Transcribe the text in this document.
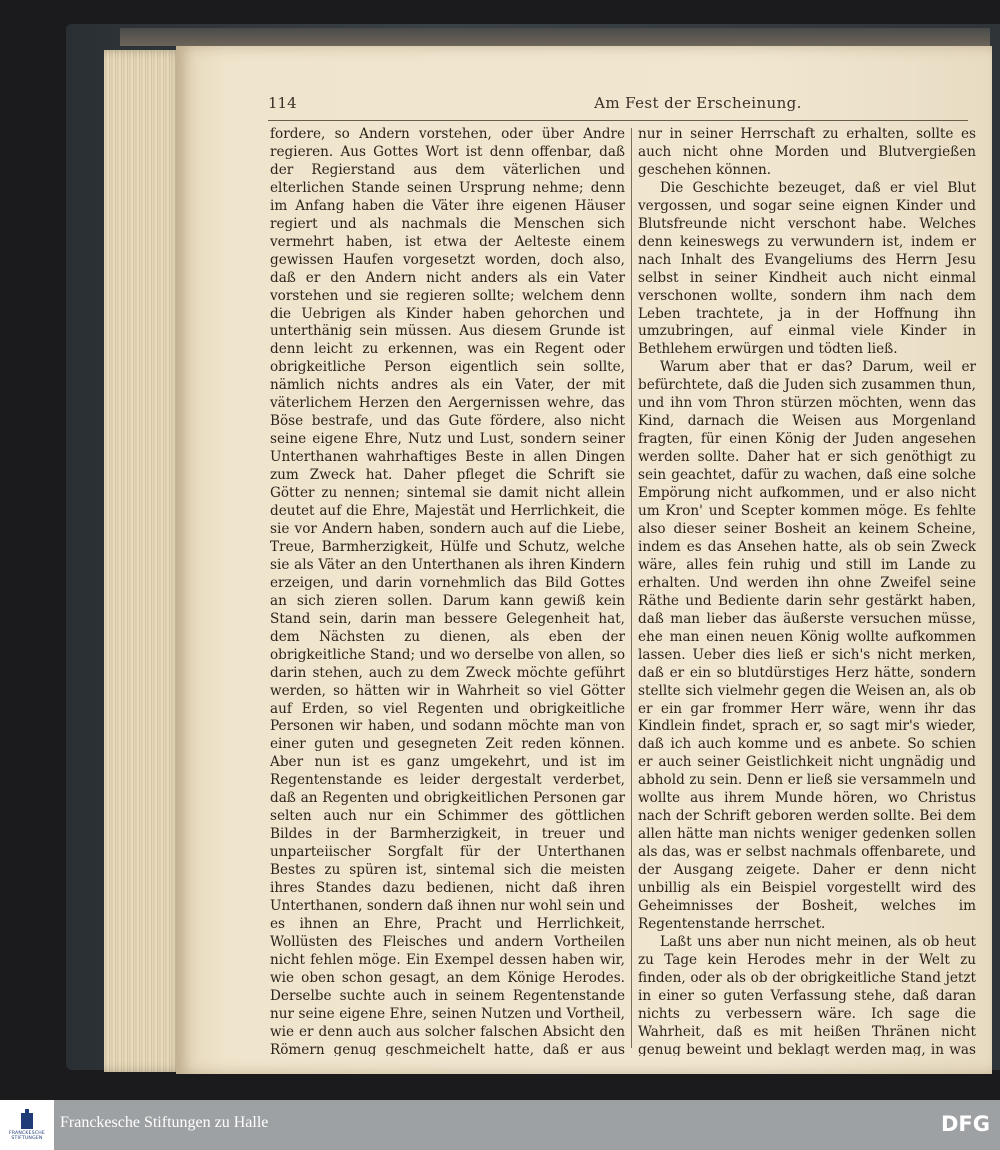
114	Am Fest der Erscheinung.

fordere, so Andern vorstehen, oder über Andre regieren. Aus Gottes Wort ist denn offenbar, daß der Regierstand aus dem väterlichen und elterlichen Stande seinen Ursprung nehme; denn im Anfang haben die Väter ihre eigenen Häuser regiert und als nachmals die Menschen sich vermehrt haben, ist etwa der Aelteste einem gewissen Haufen vorgesetzt worden, doch also, daß er den Andern nicht anders als ein Vater vorstehen und sie regieren sollte; welchem denn die Uebrigen als Kinder haben gehorchen und unterthänig sein müssen. Aus diesem Grunde ist denn leicht zu erkennen, was ein Regent oder obrigkeitliche Person eigentlich sein sollte, nämlich nichts andres als ein Vater, der mit väterlichem Herzen den Aergernissen wehre, das Böse bestrafe, und das Gute fördere, also nicht seine eigene Ehre, Nutz und Lust, sondern seiner Unterthanen wahrhaftiges Beste in allen Dingen zum Zweck hat. Daher pfleget die Schrift sie Götter zu nennen; sintemal sie damit nicht allein deutet auf die Ehre, Majestät und Herrlichkeit, die sie vor Andern haben, sondern auch auf die Liebe, Treue, Barmherzigkeit, Hülfe und Schutz, welche sie als Väter an den Unterthanen als ihren Kindern erzeigen, und darin vornehmlich das Bild Gottes an sich zieren sollen. Darum kann gewiß kein Stand sein, darin man bessere Gelegenheit hat, dem Nächsten zu dienen, als eben der obrigkeitliche Stand; und wo derselbe von allen, so darin stehen, auch zu dem Zweck möchte geführt werden, so hätten wir in Wahrheit so viel Götter auf Erden, so viel Regenten und obrigkeitliche Personen wir haben, und sodann möchte man von einer guten und gesegneten Zeit reden können. Aber nun ist es ganz umgekehrt, und ist im Regentenstande es leider dergestalt verderbet, daß an Regenten und obrigkeitlichen Personen gar selten auch nur ein Schimmer des göttlichen Bildes in der Barmherzigkeit, in treuer und unparteiischer Sorgfalt für der Unterthanen Bestes zu spüren ist, sintemal sich die meisten ihres Standes dazu bedienen, nicht daß ihren Unterthanen, sondern daß ihnen nur wohl sein und es ihnen an Ehre, Pracht und Herrlichkeit, Wollüsten des Fleisches und andern Vortheilen nicht fehlen möge. Ein Exempel dessen haben wir, wie oben schon gesagt, an dem Könige Herodes. Derselbe suchte auch in seinem Regentenstande nur seine eigene Ehre, seinen Nutzen und Vortheil, wie er denn auch aus solcher falschen Absicht den Römern genug geschmeichelt hatte, daß er aus

nur in seiner Herrschaft zu erhalten, sollte es auch nicht ohne Morden und Blutvergießen geschehen können.

Die Geschichte bezeuget, daß er viel Blut vergossen, und sogar seine eignen Kinder und Blutsfreunde nicht verschont habe. Welches denn keineswegs zu verwundern ist, indem er nach Inhalt des Evangeliums des Herrn Jesu selbst in seiner Kindheit auch nicht einmal verschonen wollte, sondern ihm nach dem Leben trachtete, ja in der Hoffnung ihn umzubringen, auf einmal viele Kinder in Bethlehem erwürgen und tödten ließ.

Warum aber that er das? Darum, weil er befürchtete, daß die Juden sich zusammen thun, und ihn vom Thron stürzen möchten, wenn das Kind, darnach die Weisen aus Morgenland fragten, für einen König der Juden angesehen werden sollte. Daher hat er sich genöthigt zu sein geachtet, dafür zu wachen, daß eine solche Empörung nicht aufkommen, und er also nicht um Kron' und Scepter kommen möge. Es fehlte also dieser seiner Bosheit an keinem Scheine, indem es das Ansehen hatte, als ob sein Zweck wäre, alles fein ruhig und still im Lande zu erhalten. Und werden ihn ohne Zweifel seine Räthe und Bediente darin sehr gestärkt haben, daß man lieber das äußerste versuchen müsse, ehe man einen neuen König wollte aufkommen lassen. Ueber dies ließ er sich's nicht merken, daß er ein so blutdürstiges Herz hätte, sondern stellte sich vielmehr gegen die Weisen an, als ob er ein gar frommer Herr wäre, wenn ihr das Kindlein findet, sprach er, so sagt mir's wieder, daß ich auch komme und es anbete. So schien er auch seiner Geistlichkeit nicht ungnädig und abhold zu sein. Denn er ließ sie versammeln und wollte aus ihrem Munde hören, wo Christus nach der Schrift geboren werden sollte. Bei dem allen hätte man nichts weniger gedenken sollen als das, was er selbst nachmals offenbarete, und der Ausgang zeigete. Daher er denn nicht unbillig als ein Beispiel vorgestellt wird des Geheimnisses der Bosheit, welches im Regentenstande herrschet.

Laßt uns aber nun nicht meinen, als ob heut zu Tage kein Herodes mehr in der Welt zu finden, oder als ob der obrigkeitliche Stand jetzt in einer so guten Verfassung stehe, daß daran nichts zu verbessern wäre. Ich sage die Wahrheit, daß es mit heißen Thränen nicht genug beweint und beklagt werden mag, in was

FRANCKESCHE STIFTUNGEN
Franckesche Stiftungen zu Halle	DFG
